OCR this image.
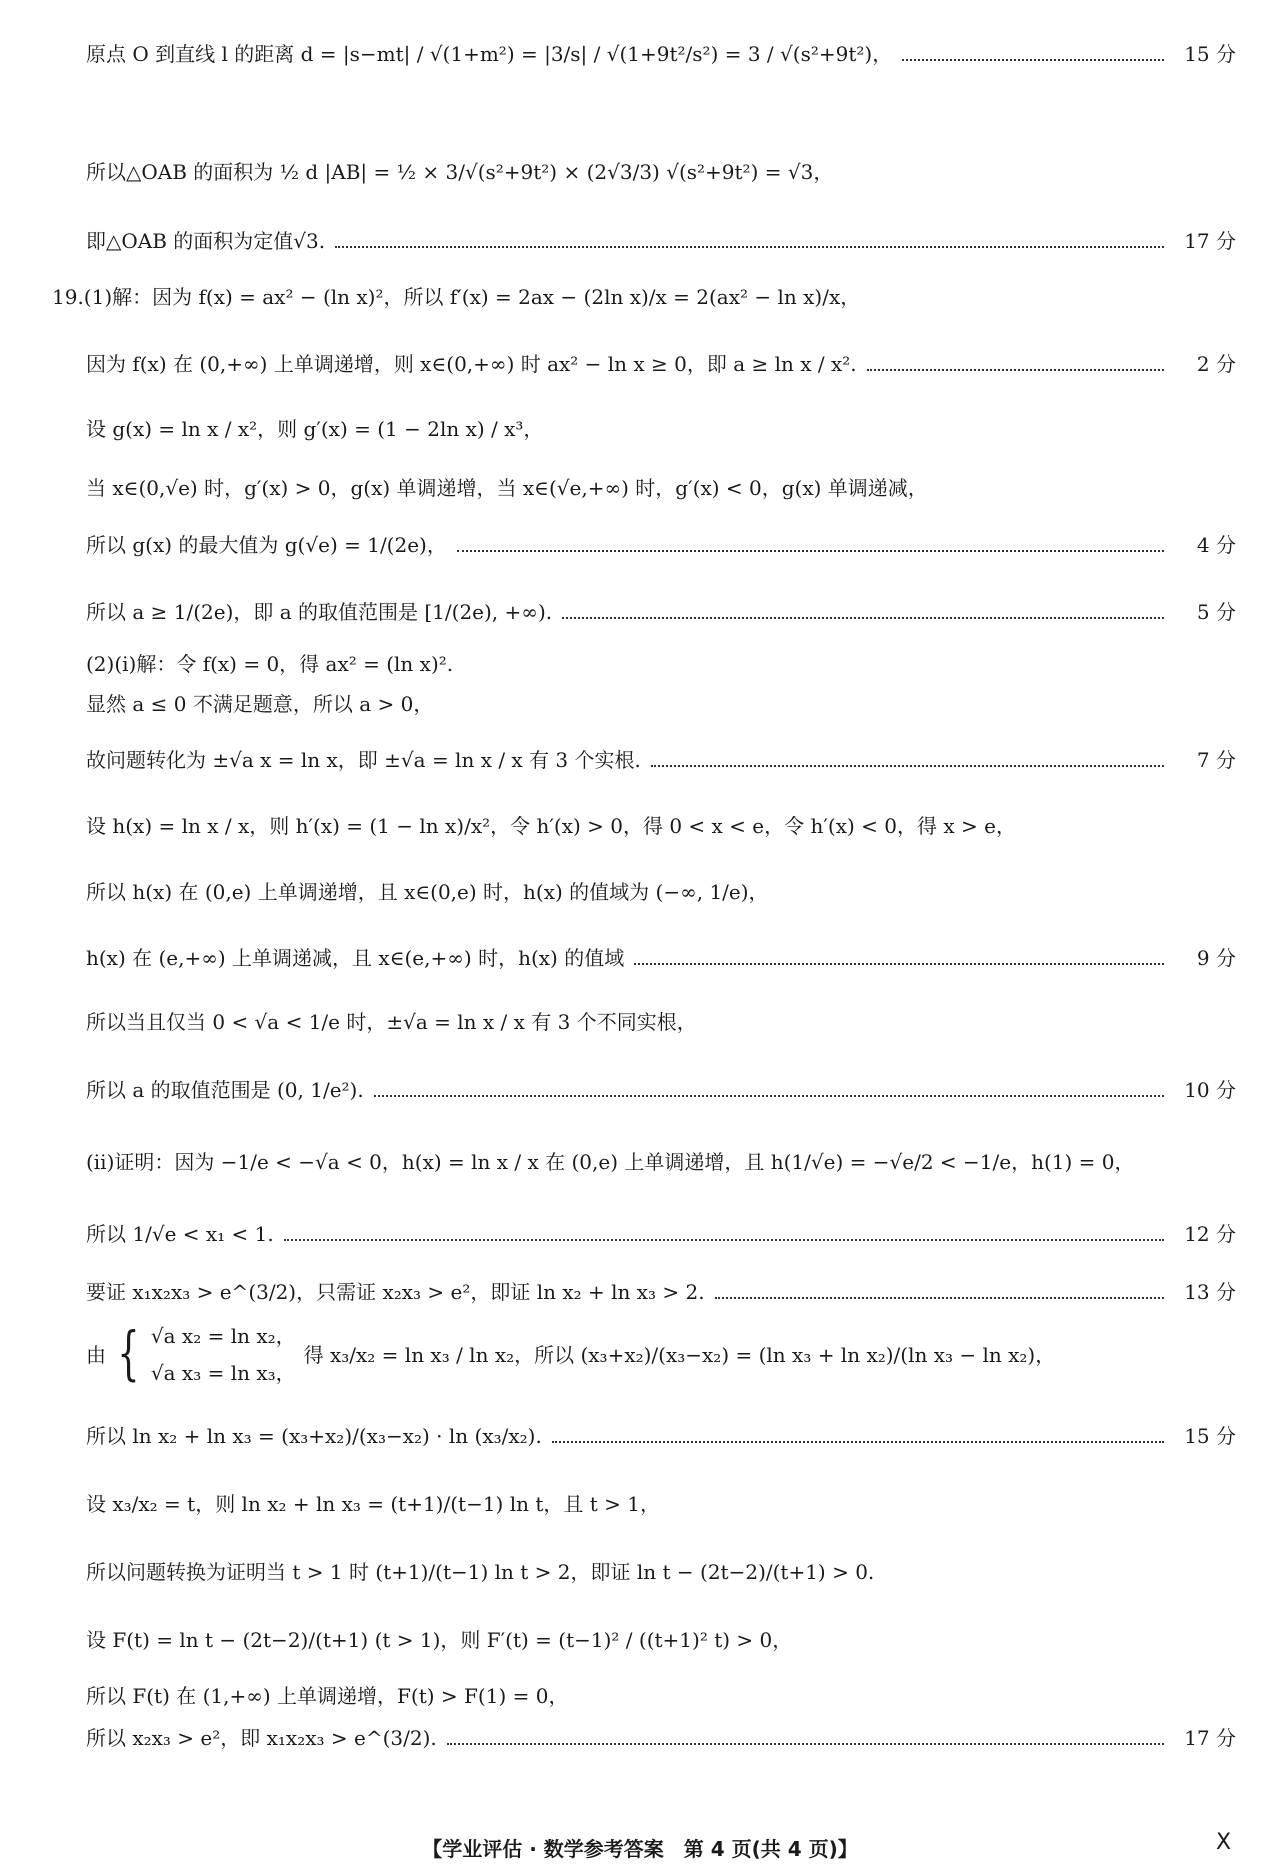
原点 O 到直线 l 的距离 d = |s−mt| / √(1+m²) = |3/s| / √(1+9t²/s²) = 3 / √(s²+9t²)，	15 分
所以△OAB 的面积为 ½ d |AB| = ½ × 3/√(s²+9t²) × (2√3/3) √(s²+9t²) = √3，
即△OAB 的面积为定值√3.	17 分
19.(1)解：因为 f(x) = ax² − (ln x)²，所以 f′(x) = 2ax − (2ln x)/x = 2(ax² − ln x)/x，
因为 f(x) 在 (0,+∞) 上单调递增，则 x∈(0,+∞) 时 ax² − ln x ≥ 0，即 a ≥ ln x / x².	2 分
设 g(x) = ln x / x²，则 g′(x) = (1 − 2ln x) / x³，
当 x∈(0,√e) 时，g′(x) > 0，g(x) 单调递增，当 x∈(√e,+∞) 时，g′(x) < 0，g(x) 单调递减，
所以 g(x) 的最大值为 g(√e) = 1/(2e)，	4 分
所以 a ≥ 1/(2e)，即 a 的取值范围是 [1/(2e), +∞).	5 分
(2)(ⅰ)解：令 f(x) = 0，得 ax² = (ln x)².
显然 a ≤ 0 不满足题意，所以 a > 0，
故问题转化为 ±√a x = ln x，即 ±√a = ln x / x 有 3 个实根.	7 分
设 h(x) = ln x / x，则 h′(x) = (1 − ln x)/x²，令 h′(x) > 0，得 0 < x < e，令 h′(x) < 0，得 x > e，
所以 h(x) 在 (0,e) 上单调递增，且 x∈(0,e) 时，h(x) 的值域为 (−∞, 1/e)，
h(x) 在 (e,+∞) 上单调递减，且 x∈(e,+∞) 时，h(x) 的值域	9 分
所以当且仅当 0 < √a < 1/e 时，±√a = ln x / x 有 3 个不同实根，
所以 a 的取值范围是 (0, 1/e²).	10 分
(ⅱ)证明：因为 −1/e < −√a < 0，h(x) = ln x / x 在 (0,e) 上单调递增，且 h(1/√e) = −√e/2 < −1/e，h(1) = 0，
所以 1/√e < x₁ < 1.	12 分
要证 x₁x₂x₃ > e^(3/2)，只需证 x₂x₃ > e²，即证 ln x₂ + ln x₃ > 2.	13 分
由 { √a x₂ = ln x₂，
√a x₃ = ln x₃，
得 x₃/x₂ = ln x₃ / ln x₂，所以 (x₃+x₂)/(x₃−x₂) = (ln x₃ + ln x₂)/(ln x₃ − ln x₂)，
所以 ln x₂ + ln x₃ = (x₃+x₂)/(x₃−x₂) · ln (x₃/x₂).	15 分
设 x₃/x₂ = t，则 ln x₂ + ln x₃ = (t+1)/(t−1) ln t，且 t > 1，
所以问题转换为证明当 t > 1 时 (t+1)/(t−1) ln t > 2，即证 ln t − (2t−2)/(t+1) > 0.
设 F(t) = ln t − (2t−2)/(t+1) (t > 1)，则 F′(t) = (t−1)² / ((t+1)² t) > 0，
所以 F(t) 在 (1,+∞) 上单调递增，F(t) > F(1) = 0，
所以 x₂x₃ > e²，即 x₁x₂x₃ > e^(3/2).	17 分
【学业评估 · 数学参考答案　第 4 页(共 4 页)】	X
